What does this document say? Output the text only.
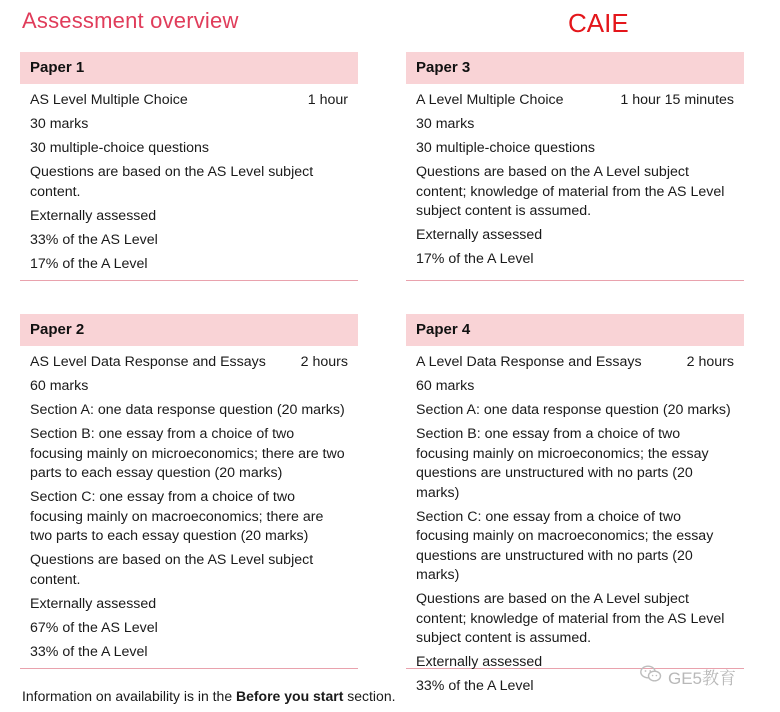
Assessment overview	CAIE
Paper 1
AS Level Multiple Choice	1 hour
30 marks
30 multiple-choice questions
Questions are based on the AS Level subject content.
Externally assessed
33% of the AS Level
17% of the A Level
Paper 3
A Level Multiple Choice	1 hour 15 minutes
30 marks
30 multiple-choice questions
Questions are based on the A Level subject content; knowledge of material from the AS Level subject content is assumed.
Externally assessed
17% of the A Level
Paper 2
AS Level Data Response and Essays 2 hours
60 marks
Section A: one data response question (20 marks)
Section B: one essay from a choice of two focusing mainly on microeconomics; there are two parts to each essay question (20 marks)
Section C: one essay from a choice of two focusing mainly on macroeconomics; there are two parts to each essay question (20 marks)
Questions are based on the AS Level subject content.
Externally assessed
67% of the AS Level
33% of the A Level
Paper 4
A Level Data Response and Essays	2 hours
60 marks
Section A: one data response question (20 marks)
Section B: one essay from a choice of two focusing mainly on microeconomics; the essay questions are unstructured with no parts (20 marks)
Section C: one essay from a choice of two focusing mainly on macroeconomics; the essay questions are unstructured with no parts (20 marks)
Questions are based on the A Level subject content; knowledge of material from the AS Level subject content is assumed.
Externally assessed
33% of the A Level	GE5教育
Information on availability is in the Before you start section.
